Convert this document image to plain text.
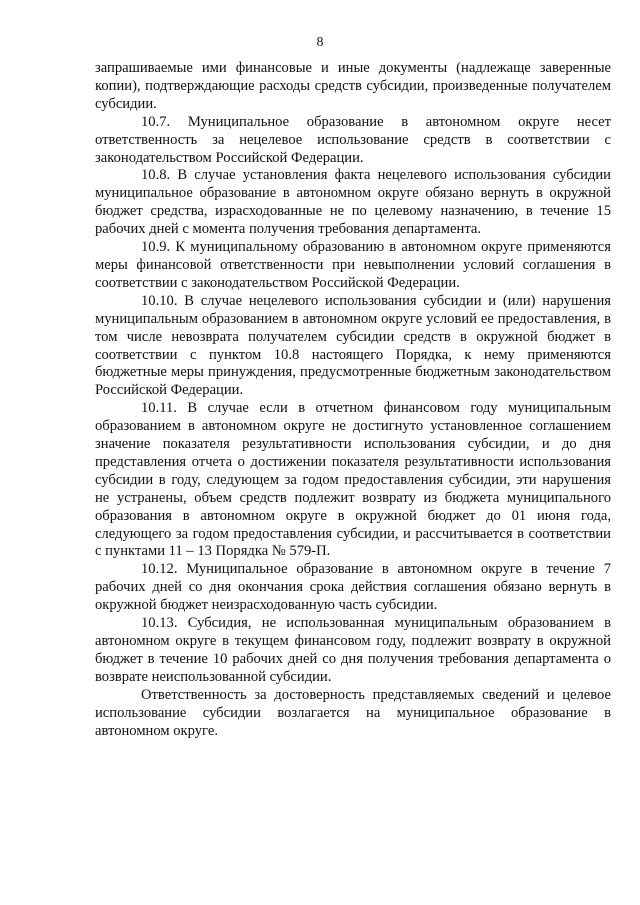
8

запрашиваемые ими финансовые и иные документы (надлежаще заверенные копии), подтверждающие расходы средств субсидии, произведенные получателем субсидии.

10.7. Муниципальное образование в автономном округе несет ответственность за нецелевое использование средств в соответствии с законодательством Российской Федерации.

10.8. В случае установления факта нецелевого использования субсидии муниципальное образование в автономном округе обязано вернуть в окружной бюджет средства, израсходованные не по целевому назначению, в течение 15 рабочих дней с момента получения требования департамента.

10.9. К муниципальному образованию в автономном округе применяются меры финансовой ответственности при невыполнении условий соглашения в соответствии с законодательством Российской Федерации.

10.10. В случае нецелевого использования субсидии и (или) нарушения муниципальным образованием в автономном округе условий ее предоставления, в том числе невозврата получателем субсидии средств в окружной бюджет в соответствии с пунктом 10.8 настоящего Порядка, к нему применяются бюджетные меры принуждения, предусмотренные бюджетным законодательством Российской Федерации.

10.11. В случае если в отчетном финансовом году муниципальным образованием в автономном округе не достигнуто установленное соглашением значение показателя результативности использования субсидии, и до дня представления отчета о достижении показателя результативности использования субсидии в году, следующем за годом предоставления субсидии, эти нарушения не устранены, объем средств подлежит возврату из бюджета муниципального образования в автономном округе в окружной бюджет до 01 июня года, следующего за годом предоставления субсидии, и рассчитывается в соответствии с пунктами 11 – 13 Порядка № 579-П.

10.12. Муниципальное образование в автономном округе в течение 7 рабочих дней со дня окончания срока действия соглашения обязано вернуть в окружной бюджет неизрасходованную часть субсидии.

10.13. Субсидия, не использованная муниципальным образованием в автономном округе в текущем финансовом году, подлежит возврату в окружной бюджет в течение 10 рабочих дней со дня получения требования департамента о возврате неиспользованной субсидии.

Ответственность за достоверность представляемых сведений и целевое использование субсидии возлагается на муниципальное образование в автономном округе.
